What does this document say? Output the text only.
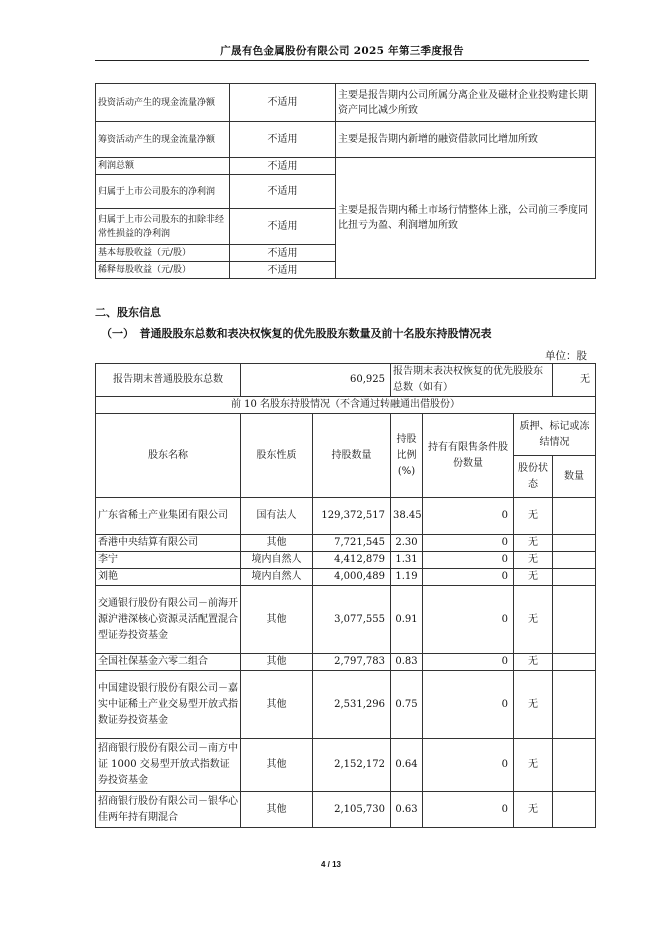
广晟有色金属股份有限公司 2025 年第三季度报告
投资活动产生的现金流量净额	不适用	主要是报告期内公司所属分离企业及磁材企业投购建长期资产同比减少所致
筹资活动产生的现金流量净额	不适用	主要是报告期内新增的融资借款同比增加所致
利润总额	不适用	主要是报告期内稀土市场行情整体上涨，公司前三季度同比扭亏为盈、利润增加所致
归属于上市公司股东的净利润	不适用	
归属于上市公司股东的扣除非经常性损益的净利润	不适用	
基本每股收益（元/股）	不适用	
稀释每股收益（元/股）	不适用	
二、股东信息
（一）　普通股股东总数和表决权恢复的优先股股东数量及前十名股东持股情况表
单位：股
报告期末普通股股东总数	60,925		报告期末表决权恢复的优先股股东总数（如有）			无
前 10 名股东持股情况（不含通过转融通出借股份）						
股东名称	股东性质	持股数量	持股比例(%)	持有有限售条件股份数量	质押、标记或冻结情况	
					股份状态	数量
广东省稀土产业集团有限公司	国有法人	129,372,517	38.45	0	无	
香港中央结算有限公司	其他	7,721,545	2.30	0	无	
李宁	境内自然人	4,412,879	1.31	0	无	
刘艳	境内自然人	4,000,489	1.19	0	无	
交通银行股份有限公司－前海开源沪港深核心资源灵活配置混合型证券投资基金	其他	3,077,555	0.91	0	无	
全国社保基金六零二组合	其他	2,797,783	0.83	0	无	
中国建设银行股份有限公司－嘉实中证稀土产业交易型开放式指数证券投资基金	其他	2,531,296	0.75	0	无	
招商银行股份有限公司－南方中证 1000 交易型开放式指数证券投资基金	其他	2,152,172	0.64	0	无	
招商银行股份有限公司－银华心佳两年持有期混合	其他	2,105,730	0.63	0	无	
4 / 13
